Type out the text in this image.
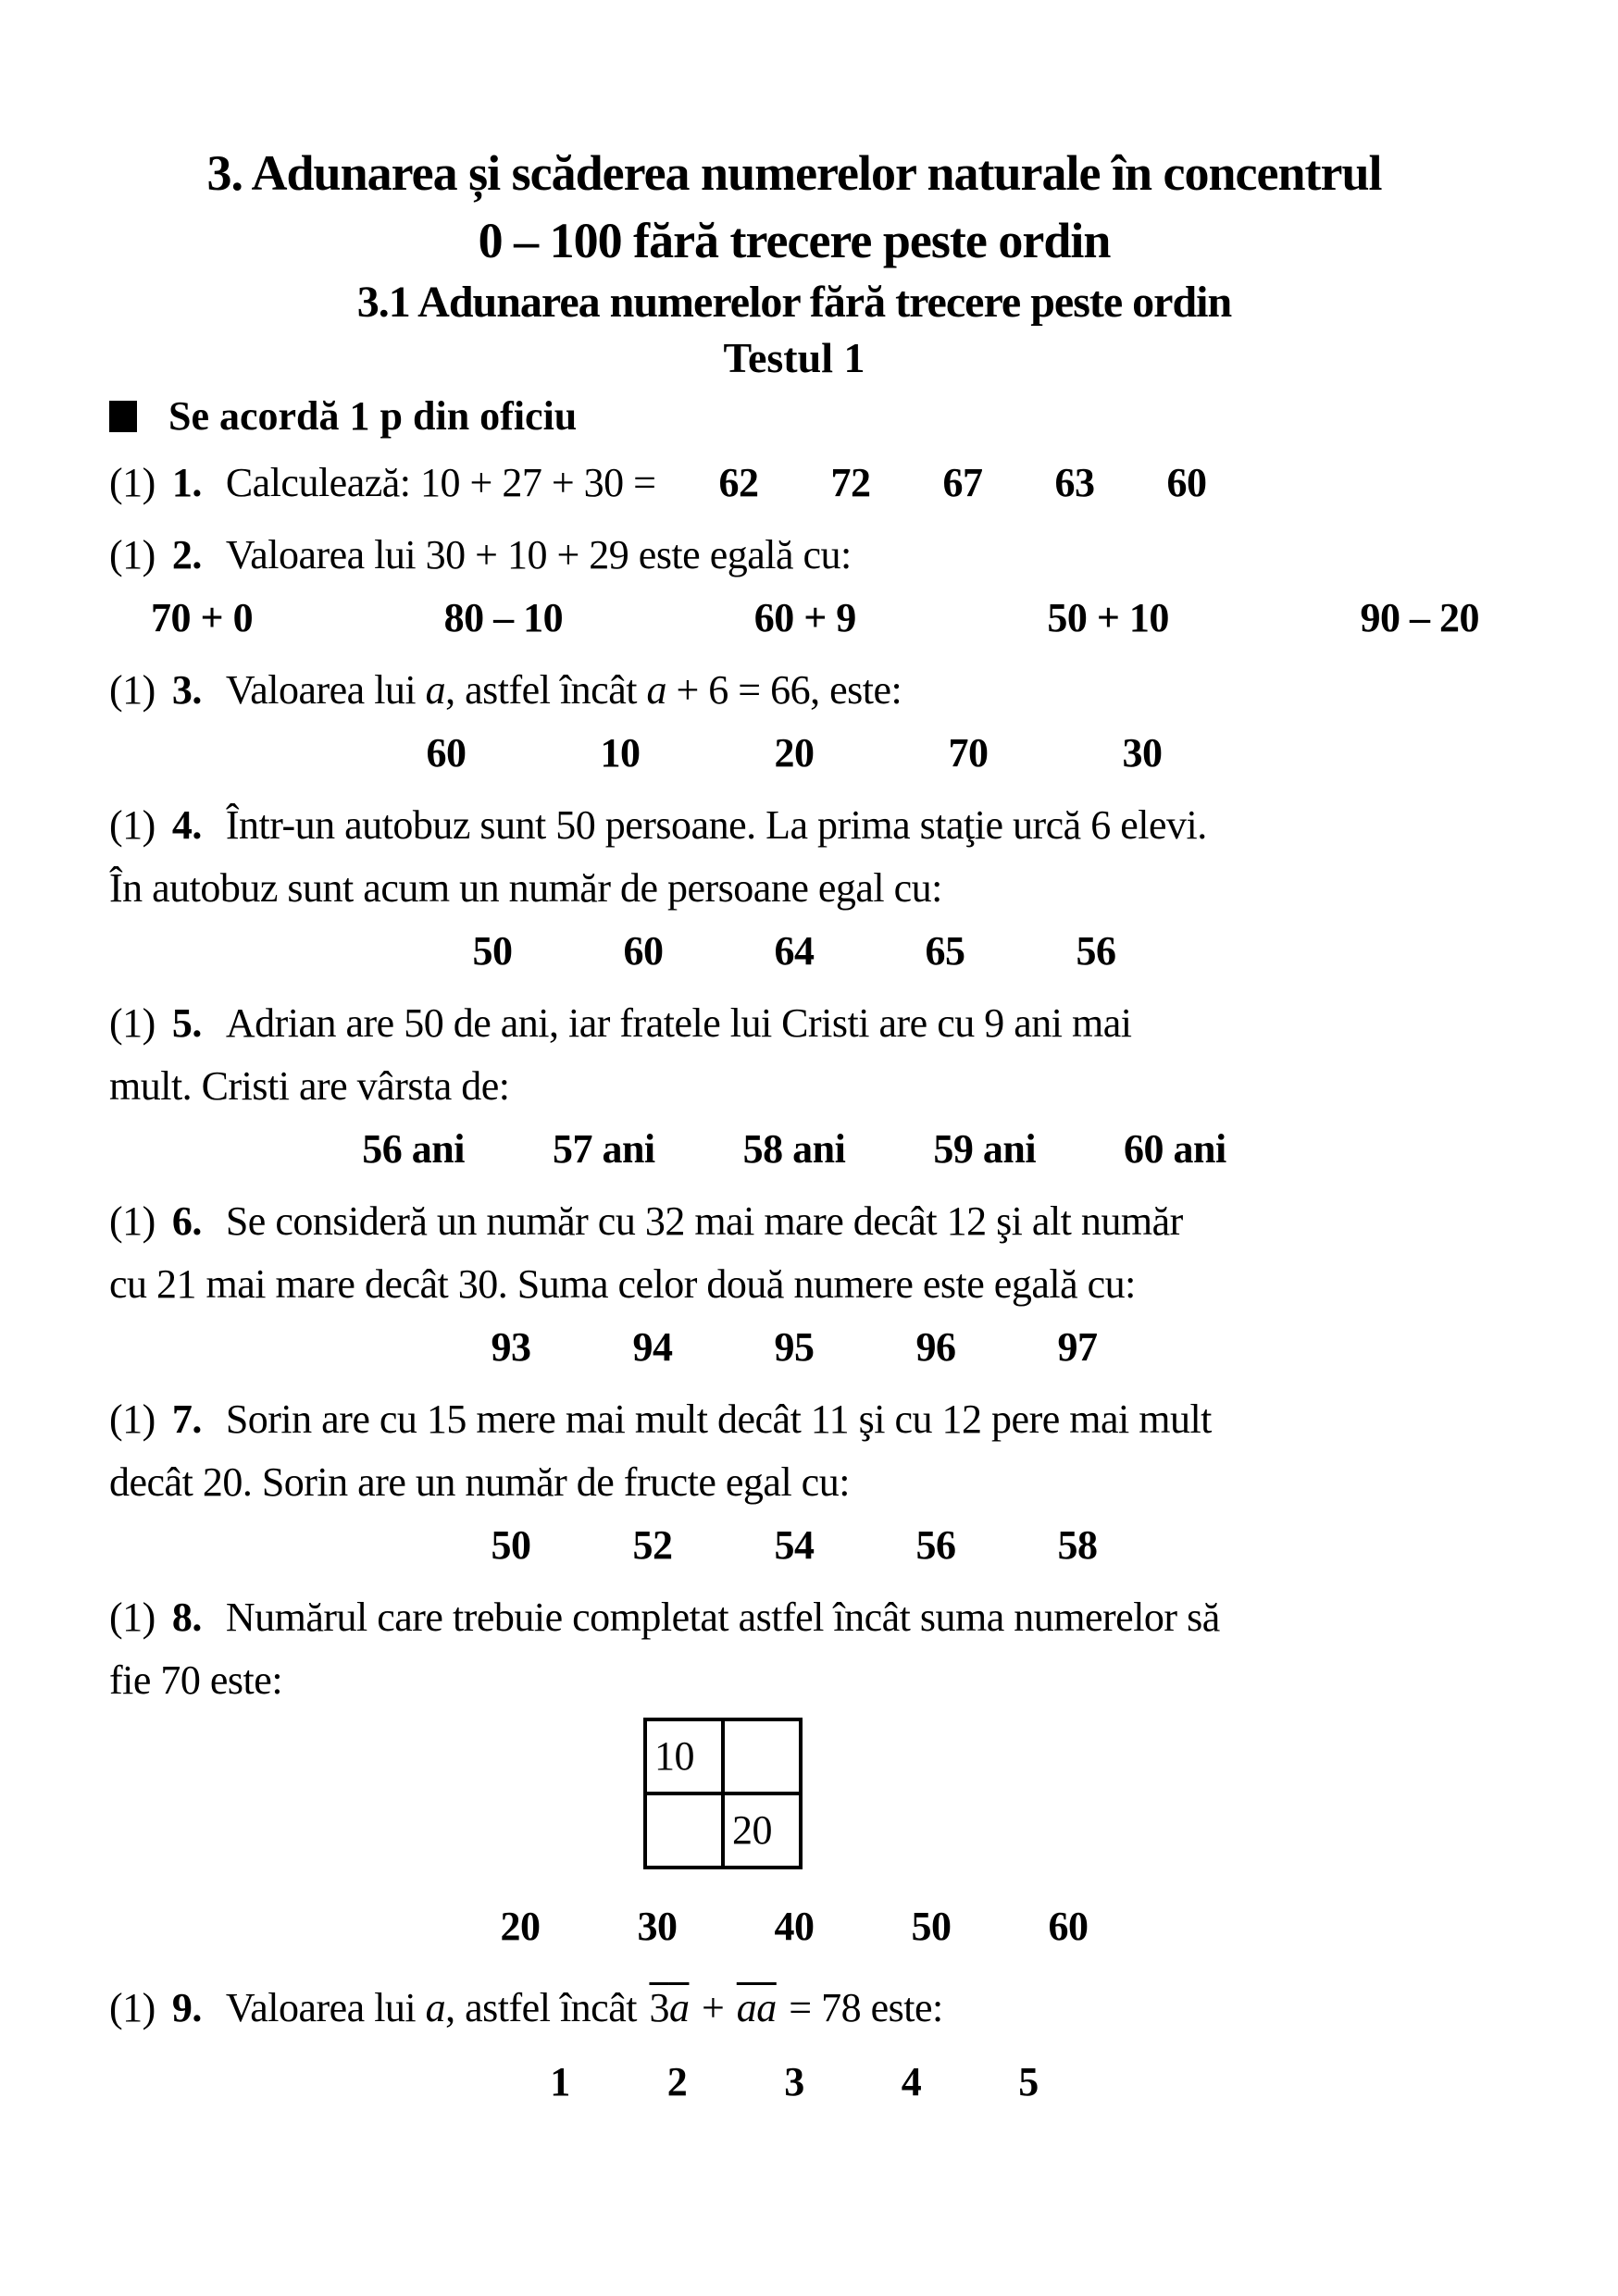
3. Adunarea și scăderea numerelor naturale în concentrul
0 – 100 fără trecere peste ordin
3.1 Adunarea numerelor fără trecere peste ordin
Testul 1
Se acordă 1 p din oficiu
(1) 1. Calculează: 10 + 27 + 30 = 62 72 67 63 60
(1) 2. Valoarea lui 30 + 10 + 29 este egală cu:
70 + 0	80 – 10	60 + 9	50 + 10	90 – 20
(1) 3. Valoarea lui a, astfel încât a + 6 = 66, este:
60	10	20	70	30
(1) 4. Într-un autobuz sunt 50 persoane. La prima staţie urcă 6 elevi.
În autobuz sunt acum un număr de persoane egal cu:
50	60	64	65	56
(1) 5. Adrian are 50 de ani, iar fratele lui Cristi are cu 9 ani mai
mult. Cristi are vârsta de:
56 ani 57 ani 58 ani 59 ani 60 ani
(1) 6. Se consideră un număr cu 32 mai mare decât 12 şi alt număr
cu 21 mai mare decât 30. Suma celor două numere este egală cu:
93	94	95	96	97
(1) 7. Sorin are cu 15 mere mai mult decât 11 şi cu 12 pere mai mult
decât 20. Sorin are un număr de fructe egal cu:
50	52	54	56	58
(1) 8. Numărul care trebuie completat astfel încât suma numerelor să
fie 70 este:
10	
	20
20 30 40 50 60
(1) 9. Valoarea lui a, astfel încât $3a + \overline{aa} = 78$ este:
1 2 3 4 5
